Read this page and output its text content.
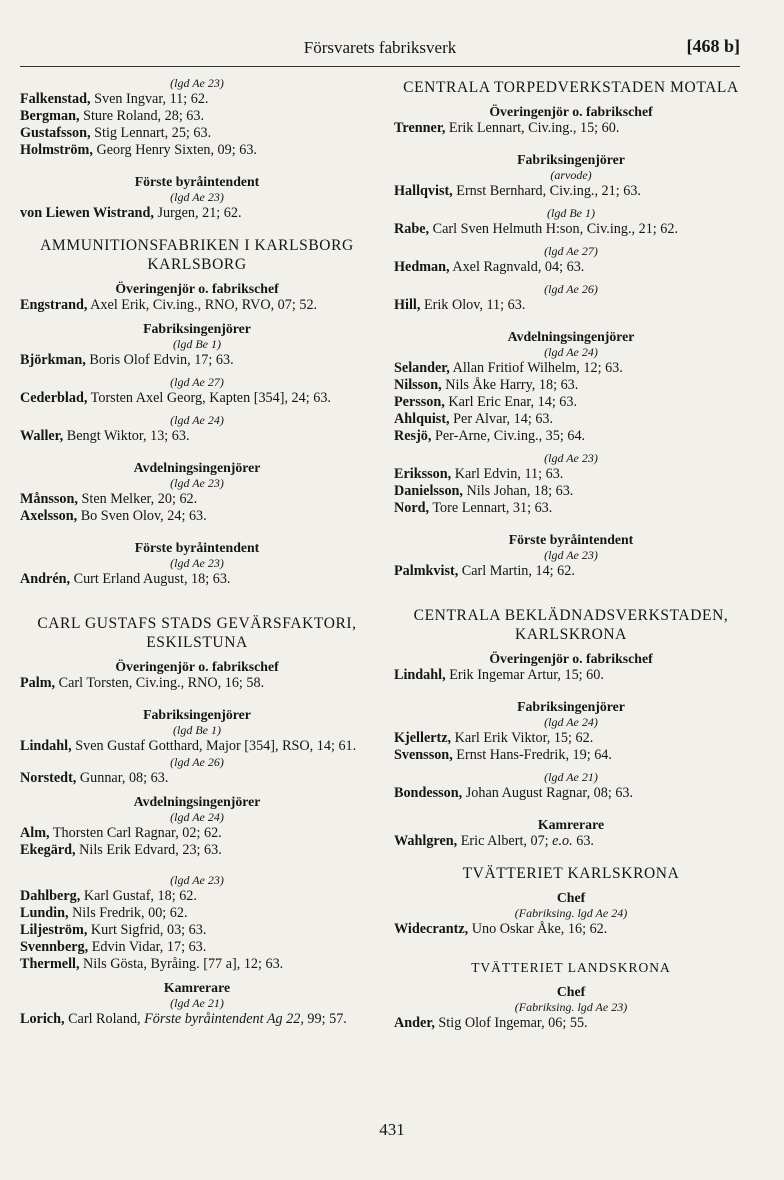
Försvarets fabriksverk	[468 b]
(lgd Ae 23)
Falkenstad, Sven Ingvar, 11; 62.
Bergman, Sture Roland, 28; 63.
Gustafsson, Stig Lennart, 25; 63.
Holmström, Georg Henry Sixten, 09; 63.
Förste byråintendent
(lgd Ae 23)
von Liewen Wistrand, Jurgen, 21; 62.
AMMUNITIONSFABRIKEN I KARLSBORG KARLSBORG
Överingenjör o. fabrikschef
Engstrand, Axel Erik, Civ.ing., RNO, RVO, 07; 52.
Fabriksingenjörer
(lgd Be 1)
Björkman, Boris Olof Edvin, 17; 63.
(lgd Ae 27)
Cederblad, Torsten Axel Georg, Kapten [354], 24; 63.
(lgd Ae 24)
Waller, Bengt Wiktor, 13; 63.
Avdelningsingenjörer
(lgd Ae 23)
Månsson, Sten Melker, 20; 62.
Axelsson, Bo Sven Olov, 24; 63.
Förste byråintendent
(lgd Ae 23)
Andrén, Curt Erland August, 18; 63.
CARL GUSTAFS STADS GEVÄRSFAKTORI, ESKILSTUNA
Överingenjör o. fabrikschef
Palm, Carl Torsten, Civ.ing., RNO, 16; 58.
Fabriksingenjörer
(lgd Be 1)
Lindahl, Sven Gustaf Gotthard, Major [354], RSO, 14; 61.
(lgd Ae 26)
Norstedt, Gunnar, 08; 63.
Avdelningsingenjörer
(lgd Ae 24)
Alm, Thorsten Carl Ragnar, 02; 62.
Ekegärd, Nils Erik Edvard, 23; 63.
(lgd Ae 23)
Dahlberg, Karl Gustaf, 18; 62.
Lundin, Nils Fredrik, 00; 62.
Liljeström, Kurt Sigfrid, 03; 63.
Svennberg, Edvin Vidar, 17; 63.
Thermell, Nils Gösta, Byråing. [77 a], 12; 63.
Kamrerare
(lgd Ae 21)
Lorich, Carl Roland, Förste byråintendent Ag 22, 99; 57.
CENTRALA TORPEDVERKSTADEN MOTALA
Överingenjör o. fabrikschef
Trenner, Erik Lennart, Civ.ing., 15; 60.
Fabriksingenjörer
(arvode)
Hallqvist, Ernst Bernhard, Civ.ing., 21; 63.
(lgd Be 1)
Rabe, Carl Sven Helmuth H:son, Civ.ing., 21; 62.
(lgd Ae 27)
Hedman, Axel Ragnvald, 04; 63.
(lgd Ae 26)
Hill, Erik Olov, 11; 63.
Avdelningsingenjörer
(lgd Ae 24)
Selander, Allan Fritiof Wilhelm, 12; 63.
Nilsson, Nils Åke Harry, 18; 63.
Persson, Karl Eric Enar, 14; 63.
Ahlquist, Per Alvar, 14; 63.
Resjö, Per-Arne, Civ.ing., 35; 64.
(lgd Ae 23)
Eriksson, Karl Edvin, 11; 63.
Danielsson, Nils Johan, 18; 63.
Nord, Tore Lennart, 31; 63.
Förste byråintendent
(lgd Ae 23)
Palmkvist, Carl Martin, 14; 62.
CENTRALA BEKLÄDNADSVERKSTADEN, KARLSKRONA
Överingenjör o. fabrikschef
Lindahl, Erik Ingemar Artur, 15; 60.
Fabriksingenjörer
(lgd Ae 24)
Kjellertz, Karl Erik Viktor, 15; 62.
Svensson, Ernst Hans-Fredrik, 19; 64.
(lgd Ae 21)
Bondesson, Johan August Ragnar, 08; 63.
Kamrerare
Wahlgren, Eric Albert, 07; e.o. 63.
TVÄTTERIET KARLSKRONA
Chef
(Fabriksing. lgd Ae 24)
Widecrantz, Uno Oskar Åke, 16; 62.
TVÄTTERIET LANDSKRONA
Chef
(Fabriksing. lgd Ae 23)
Ander, Stig Olof Ingemar, 06; 55.
431
